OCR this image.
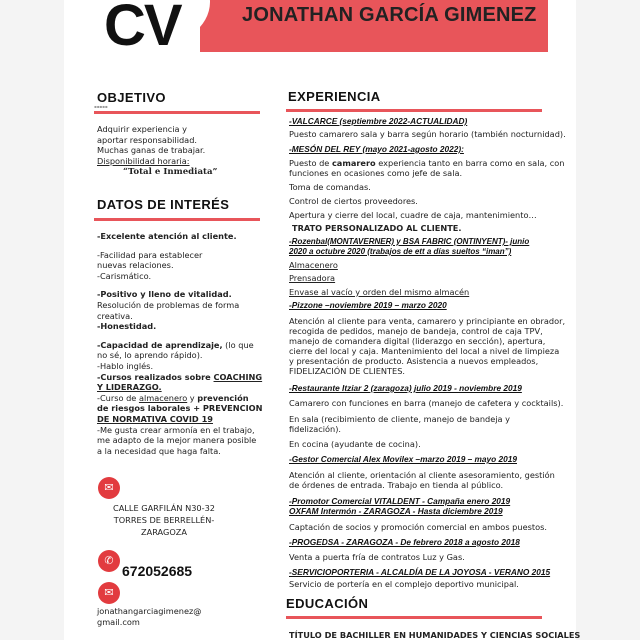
JONATHAN GARCÍA GIMENEZ
CV
OBJETIVO
▪▪▪▪▪

Adquirir experiencia y

aportar responsabilidad.

Muchas ganas de trabajar.

Disponibilidad horaria:

“Total e Inmediata”

DATOS DE INTERÉS

-Excelente atención al cliente.

-Facilidad para establecer

nuevas relaciones.

-Carismático.

-Positivo y lleno de vitalidad.

Resolución de problemas de forma

creativa.

-Honestidad.

-Capacidad de aprendizaje, (lo que

no sé, lo aprendo rápido).

-Hablo inglés.

-Cursos realizados sobre COACHING

Y LIDERAZGO.

-Curso de almacenero y prevención

de riesgos laborales + PREVENCION

DE NORMATIVA COVID 19

-Me gusta crear armonía en el trabajo,

me adapto de la mejor manera posible

a la necesidad que haga falta.

✉

CALLE GARFILÁN N30-32

TORRES DE BERRELLÉN-

ZARAGOZA

✆
672052685
✉

jonathangarciagimenez@

gmail.com

EXPERIENCIA
-VALCARCE (septiembre 2022-ACTUALIDAD)
Puesto camarero sala y barra según horario (también nocturnidad).
-MESÓN DEL REY (mayo 2021-agosto 2022):
Puesto de camarero experiencia tanto en barra como en sala, con
funciones en ocasiones como jefe de sala.
Toma de comandas.
Control de ciertos proveedores.
Apertura y cierre del local, cuadre de caja, mantenimiento…
TRATO PERSONALIZADO AL CLIENTE.
-Rozenbal(MONTAVERNER) y BSA FABRIC (ONTINYENT)- junio
2020 a octubre 2020 (trabajos de ett a días sueltos “iman”)
Almacenero
Prensadora
Envase al vacío y orden del mismo almacén
-Pizzone –noviembre 2019 – marzo 2020
Atención al cliente para venta, camarero y principiante en obrador,
recogida de pedidos, manejo de bandeja, control de caja TPV,
manejo de comandera digital (liderazgo en sección), apertura,
cierre del local y caja. Mantenimiento del local a nivel de limpieza
y presentación de producto. Asistencia a nuevos empleados,
FIDELIZACIÓN DE CLIENTES.
-Restaurante Itziar 2 (zaragoza) julio 2019 - noviembre 2019
Camarero con funciones en barra (manejo de cafetera y cocktails).
En sala (recibimiento de cliente, manejo de bandeja y
fidelización).
En cocina (ayudante de cocina).
-Gestor Comercial Alex Movilex –marzo 2019 – mayo 2019
Atención al cliente, orientación al cliente asesoramiento, gestión
de órdenes de entrada. Trabajo en tienda al público.
-Promotor Comercial VITALDENT - Campaña enero 2019
OXFAM Intermón - ZARAGOZA - Hasta diciembre 2019
Captación de socios y promoción comercial en ambos puestos.
-PROGEDSA - ZARAGOZA - De febrero 2018 a agosto 2018
Venta a puerta fría de contratos Luz y Gas.
-SERVICIOPORTERIA - ALCALDÍA DE LA JOYOSA - VERANO 2015
Servicio de portería en el complejo deportivo municipal.
EDUCACIÓN
TÍTULO DE BACHILLER EN HUMANIDADES Y CIENCIAS SOCIALES
